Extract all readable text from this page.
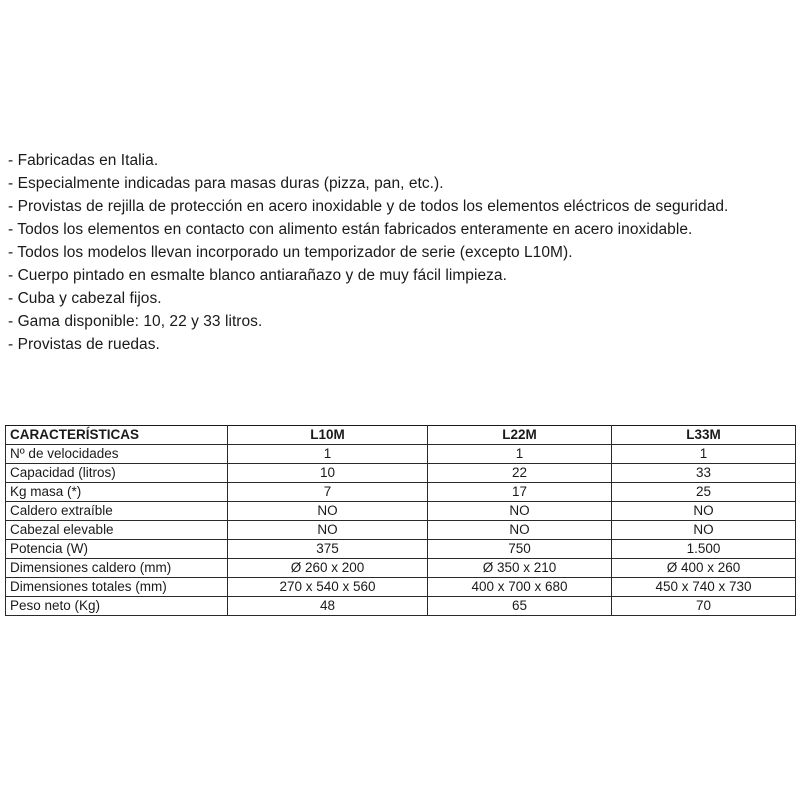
- Fabricadas en Italia.
- Especialmente indicadas para masas duras (pizza, pan, etc.).
- Provistas de rejilla de protección en acero inoxidable y de todos los elementos eléctricos de seguridad.
- Todos los elementos en contacto con alimento están fabricados enteramente en acero inoxidable.
- Todos los modelos llevan incorporado un temporizador de serie (excepto L10M).
- Cuerpo pintado en esmalte blanco antiarañazo y de muy fácil limpieza.
- Cuba y cabezal fijos.
- Gama disponible: 10, 22 y 33 litros.
- Provistas de ruedas.
CARACTERÍSTICAS	L10M	L22M	L33M
Nº de velocidades	1	1	1
Capacidad (litros)	10	22	33
Kg masa (*)	7	17	25
Caldero extraíble	NO	NO	NO
Cabezal elevable	NO	NO	NO
Potencia (W)	375	750	1.500
Dimensiones caldero (mm)	Ø 260 x 200	Ø 350 x 210	Ø 400 x 260
Dimensiones totales (mm)	270 x 540 x 560	400 x 700 x 680	450 x 740 x 730
Peso neto (Kg)	48	65	70
